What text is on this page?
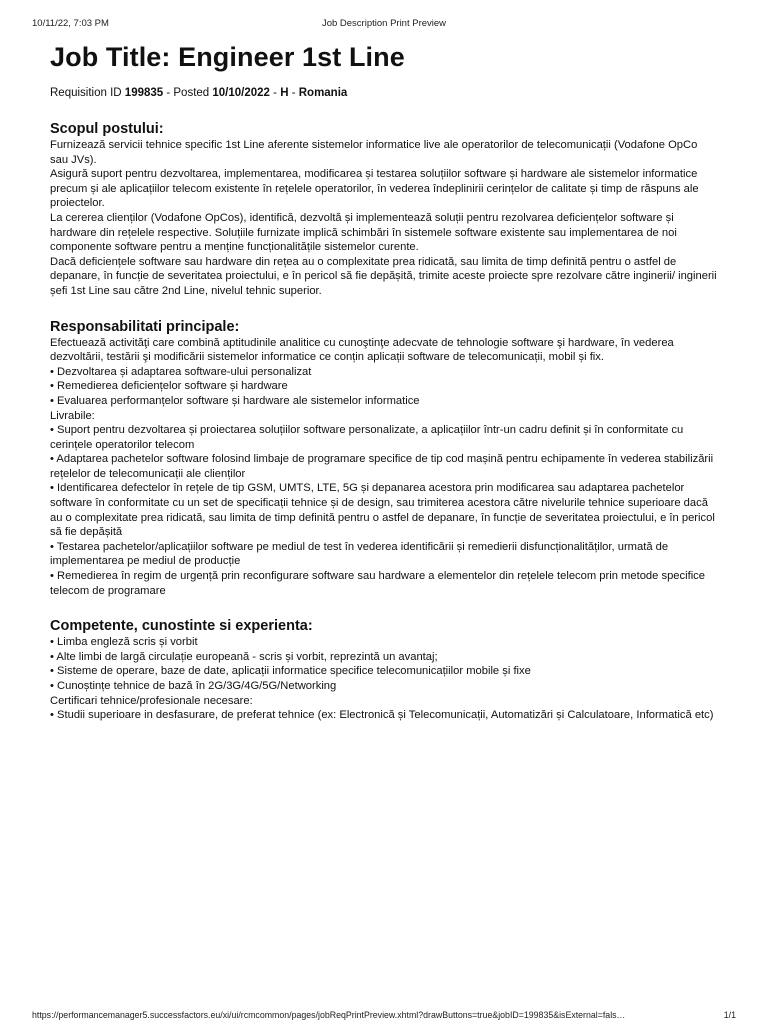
10/11/22, 7:03 PM	Job Description Print Preview
Job Title: Engineer 1st Line
Requisition ID 199835 - Posted 10/10/2022 - H - Romania
Scopul postului:

Furnizează servicii tehnice specific 1st Line aferente sistemelor informatice live ale operatorilor de telecomunicații (Vodafone OpCo sau JVs).

Asigură suport pentru dezvoltarea, implementarea, modificarea și testarea soluțiilor software și hardware ale sistemelor informatice precum și ale aplicațiilor telecom existente în rețelele operatorilor, în vederea îndeplinirii cerințelor de calitate și timp de răspuns ale proiectelor.

La cererea clienților (Vodafone OpCos), identifică, dezvoltă și implementează soluții pentru rezolvarea deficiențelor software și hardware din rețelele respective. Soluțiile furnizate implică schimbări în sistemele software existente sau implementarea de noi componente software pentru a menține funcționalitățile sistemelor curente.

Dacă deficiențele software sau hardware din rețea au o complexitate prea ridicată, sau limita de timp definită pentru o astfel de depanare, în funcție de severitatea proiectului, e în pericol să fie depășită, trimite aceste proiecte spre rezolvare către inginerii/ inginerii șefi 1st Line sau către 2nd Line, nivelul tehnic superior.

Responsabilitati principale:
Efectuează activităţi care combină aptitudinile analitice cu cunoştinţe adecvate de tehnologie software şi hardware, în vederea dezvoltării, testării şi modificării sistemelor informatice ce conțin aplicații software de telecomunicații, mobil și fix.
• Dezvoltarea și adaptarea software-ului personalizat
• Remedierea deficiențelor software și hardware
• Evaluarea performanțelor software și hardware ale sistemelor informatice
Livrabile:
• Suport pentru dezvoltarea și proiectarea soluțiilor software personalizate, a aplicațiilor într-un cadru definit și în conformitate cu cerințele operatorilor telecom
• Adaptarea pachetelor software folosind limbaje de programare specifice de tip cod mașină pentru echipamente în vederea stabilizării rețelelor de telecomunicații ale clienților
• Identificarea defectelor în rețele de tip GSM, UMTS, LTE, 5G și depanarea acestora prin modificarea sau adaptarea pachetelor software în conformitate cu un set de specificații tehnice și de design, sau trimiterea acestora către nivelurile tehnice superioare dacă au o complexitate prea ridicată, sau limita de timp definită pentru o astfel de depanare, în funcție de severitatea proiectului, e în pericol să fie depășită
• Testarea pachetelor/aplicațiilor software pe mediul de test în vederea identificării și remedierii disfuncționalităților, urmată de implementarea pe mediul de producție
• Remedierea în regim de urgență prin reconfigurare software sau hardware a elementelor din rețelele telecom prin metode specifice telecom de programare
Competente, cunostinte si experienta:
• Limba engleză scris și vorbit
• Alte limbi de largă circulație europeană - scris și vorbit, reprezintă un avantaj;
• Sisteme de operare, baze de date, aplicații informatice specifice telecomunicațiilor mobile și fixe
• Cunoștințe tehnice de bază în 2G/3G/4G/5G/Networking
Certificari tehnice/profesionale necesare:
• Studii superioare in desfasurare, de preferat tehnice (ex: Electronică și Telecomunicații, Automatizări și Calculatoare, Informatică etc)
https://performancemanager5.successfactors.eu/xi/ui/rcmcommon/pages/jobReqPrintPreview.xhtml?drawButtons=true&jobID=199835&isExternal=fals…	1/1
